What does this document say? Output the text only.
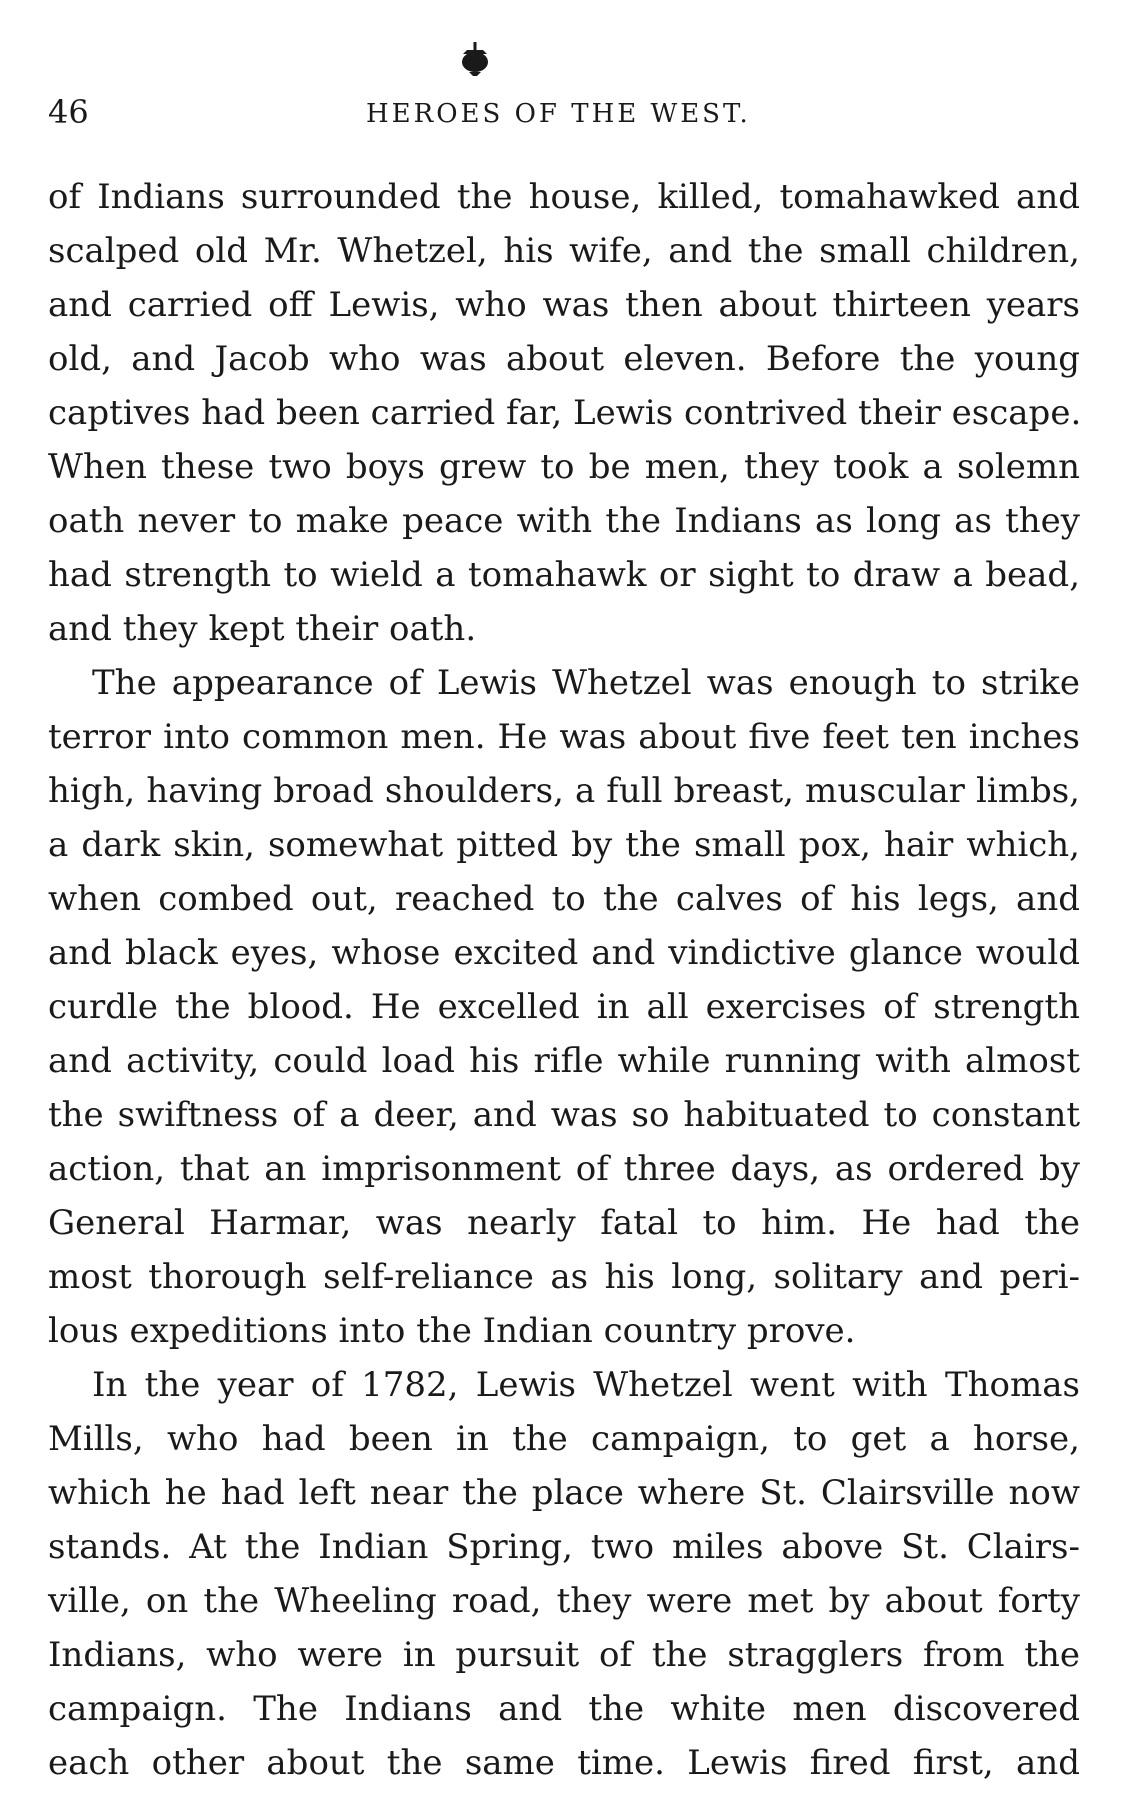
46	HEROES OF THE WEST.
of Indians surrounded the house, killed, tomahawked and
scalped old Mr. Whetzel, his wife, and the small children,
and carried off Lewis, who was then about thirteen years
old, and Jacob who was about eleven. Before the young
captives had been carried far, Lewis contrived their escape.
When these two boys grew to be men, they took a solemn
oath never to make peace with the Indians as long as they
had strength to wield a tomahawk or sight to draw a bead,
and they kept their oath.
The appearance of Lewis Whetzel was enough to strike
terror into common men. He was about five feet ten inches
high, having broad shoulders, a full breast, muscular limbs,
a dark skin, somewhat pitted by the small pox, hair which,
when combed out, reached to the calves of his legs, and
and black eyes, whose excited and vindictive glance would
curdle the blood. He excelled in all exercises of strength
and activity, could load his rifle while running with almost
the swiftness of a deer, and was so habituated to constant
action, that an imprisonment of three days, as ordered by
General Harmar, was nearly fatal to him. He had the
most thorough self-reliance as his long, solitary and peri-
lous expeditions into the Indian country prove.
In the year of 1782, Lewis Whetzel went with Thomas
Mills, who had been in the campaign, to get a horse,
which he had left near the place where St. Clairsville now
stands. At the Indian Spring, two miles above St. Clairs-
ville, on the Wheeling road, they were met by about forty
Indians, who were in pursuit of the stragglers from the
campaign. The Indians and the white men discovered
each other about the same time. Lewis fired first, and
